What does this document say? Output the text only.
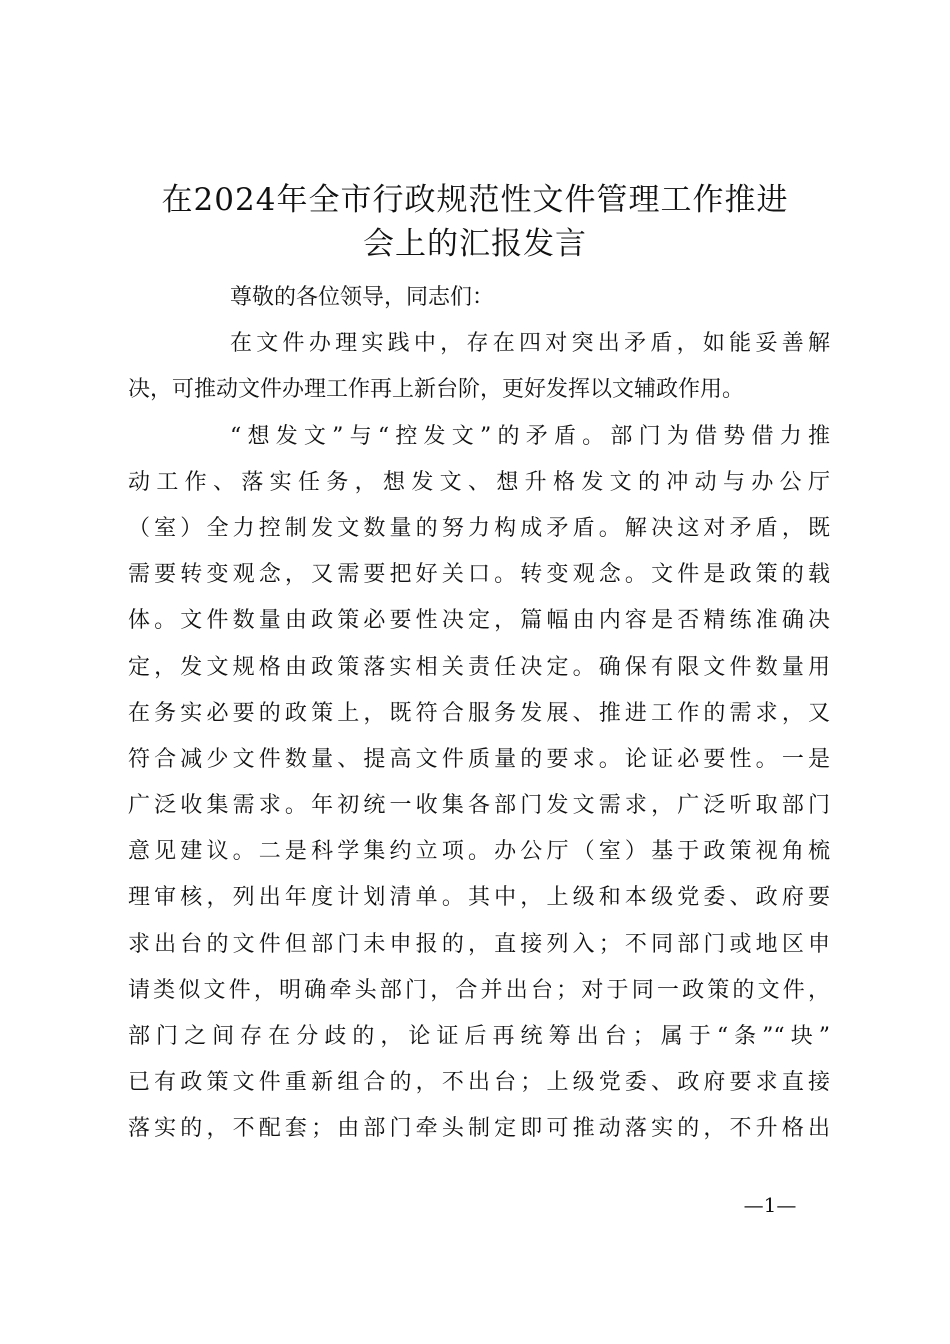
在2024年全市行政规范性文件管理工作推进
会上的汇报发言
尊敬的各位领导，同志们：
在文件办理实践中，存在四对突出矛盾，如能妥善解
决，可推动文件办理工作再上新台阶，更好发挥以文辅政作用。
“想发文”与“控发文”的矛盾。部门为借势借力推
动工作、落实任务，想发文、想升格发文的冲动与办公厅
（室）全力控制发文数量的努力构成矛盾。解决这对矛盾，既
需要转变观念，又需要把好关口。转变观念。文件是政策的载
体。文件数量由政策必要性决定，篇幅由内容是否精练准确决
定，发文规格由政策落实相关责任决定。确保有限文件数量用
在务实必要的政策上，既符合服务发展、推进工作的需求，又
符合减少文件数量、提高文件质量的要求。论证必要性。一是
广泛收集需求。年初统一收集各部门发文需求，广泛听取部门
意见建议。二是科学集约立项。办公厅（室）基于政策视角梳
理审核，列出年度计划清单。其中，上级和本级党委、政府要
求出台的文件但部门未申报的，直接列入；不同部门或地区申
请类似文件，明确牵头部门，合并出台；对于同一政策的文件，
部门之间存在分歧的，论证后再统筹出台；属于“条”“块”
已有政策文件重新组合的，不出台；上级党委、政府要求直接
落实的，不配套；由部门牵头制定即可推动落实的，不升格出
—1—
